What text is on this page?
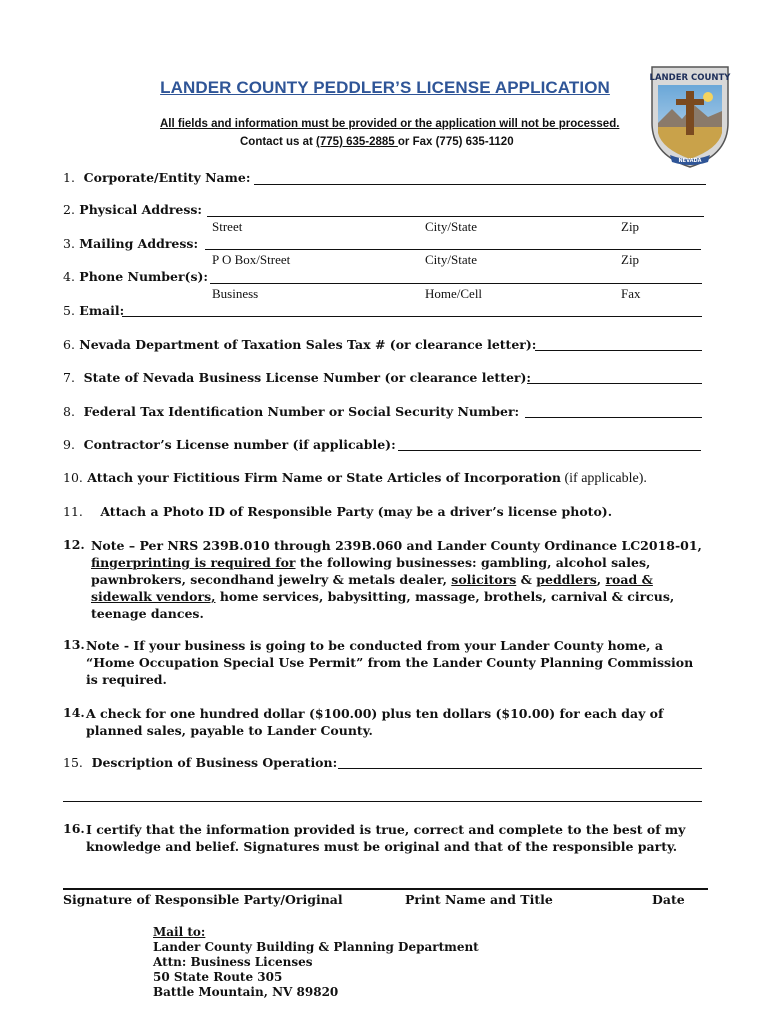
LANDER COUNTY PEDDLER’S LICENSE APPLICATION
All fields and information must be provided or the application will not be processed.
Contact us at (775) 635-2885 or Fax (775) 635-1120
LANDER COUNTY
NEVADA
1. Corporate/Entity Name:
2. Physical Address:
Street	City/State	Zip
3. Mailing Address:
P O Box/Street	City/State	Zip
4. Phone Number(s):
Business	Home/Cell	Fax
5. Email:
6. Nevada Department of Taxation Sales Tax # (or clearance letter):
7. State of Nevada Business License Number (or clearance letter):
8. Federal Tax Identification Number or Social Security Number:
9. Contractor’s License number (if applicable):
10. Attach your Fictitious Firm Name or State Articles of Incorporation (if applicable).
11. Attach a Photo ID of Responsible Party (may be a driver’s license photo).
12. Note – Per NRS 239B.010 through 239B.060 and Lander County Ordinance LC2018-01,
fingerprinting is required for the following businesses: gambling, alcohol sales,
pawnbrokers, secondhand jewelry & metals dealer, solicitors & peddlers, road &
sidewalk vendors, home services, babysitting, massage, brothels, carnival & circus,
teenage dances.
13. Note - If your business is going to be conducted from your Lander County home, a
“Home Occupation Special Use Permit” from the Lander County Planning Commission
is required.
14. A check for one hundred dollar ($100.00) plus ten dollars ($10.00) for each day of
planned sales, payable to Lander County.
15. Description of Business Operation:
16. I certify that the information provided is true, correct and complete to the best of my
knowledge and belief. Signatures must be original and that of the responsible party.
Signature of Responsible Party/Original	Print Name and Title	Date
Mail to:
Lander County Building & Planning Department
Attn: Business Licenses
50 State Route 305
Battle Mountain, NV 89820
